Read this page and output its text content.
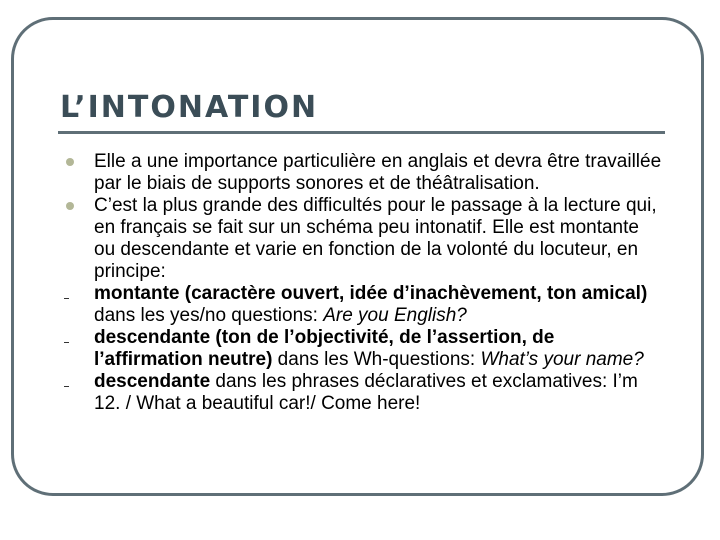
L’INTONATION
Elle a une importance particulière en anglais et devra être travaillée par le biais de supports sonores et de théâtralisation.
C’est la plus grande des difficultés pour le passage à la lecture qui, en français se fait sur un schéma peu intonatif. Elle est montante ou descendante et varie en fonction de la volonté du locuteur, en principe:
montante (caractère ouvert, idée d’inachèvement, ton amical) dans les yes/no questions: Are you English?
descendante (ton de l’objectivité, de l’assertion, de l’affirmation neutre) dans les Wh-questions: What’s your name?
descendante dans les phrases déclaratives et exclamatives: I’m 12. / What a beautiful car!/ Come here!
